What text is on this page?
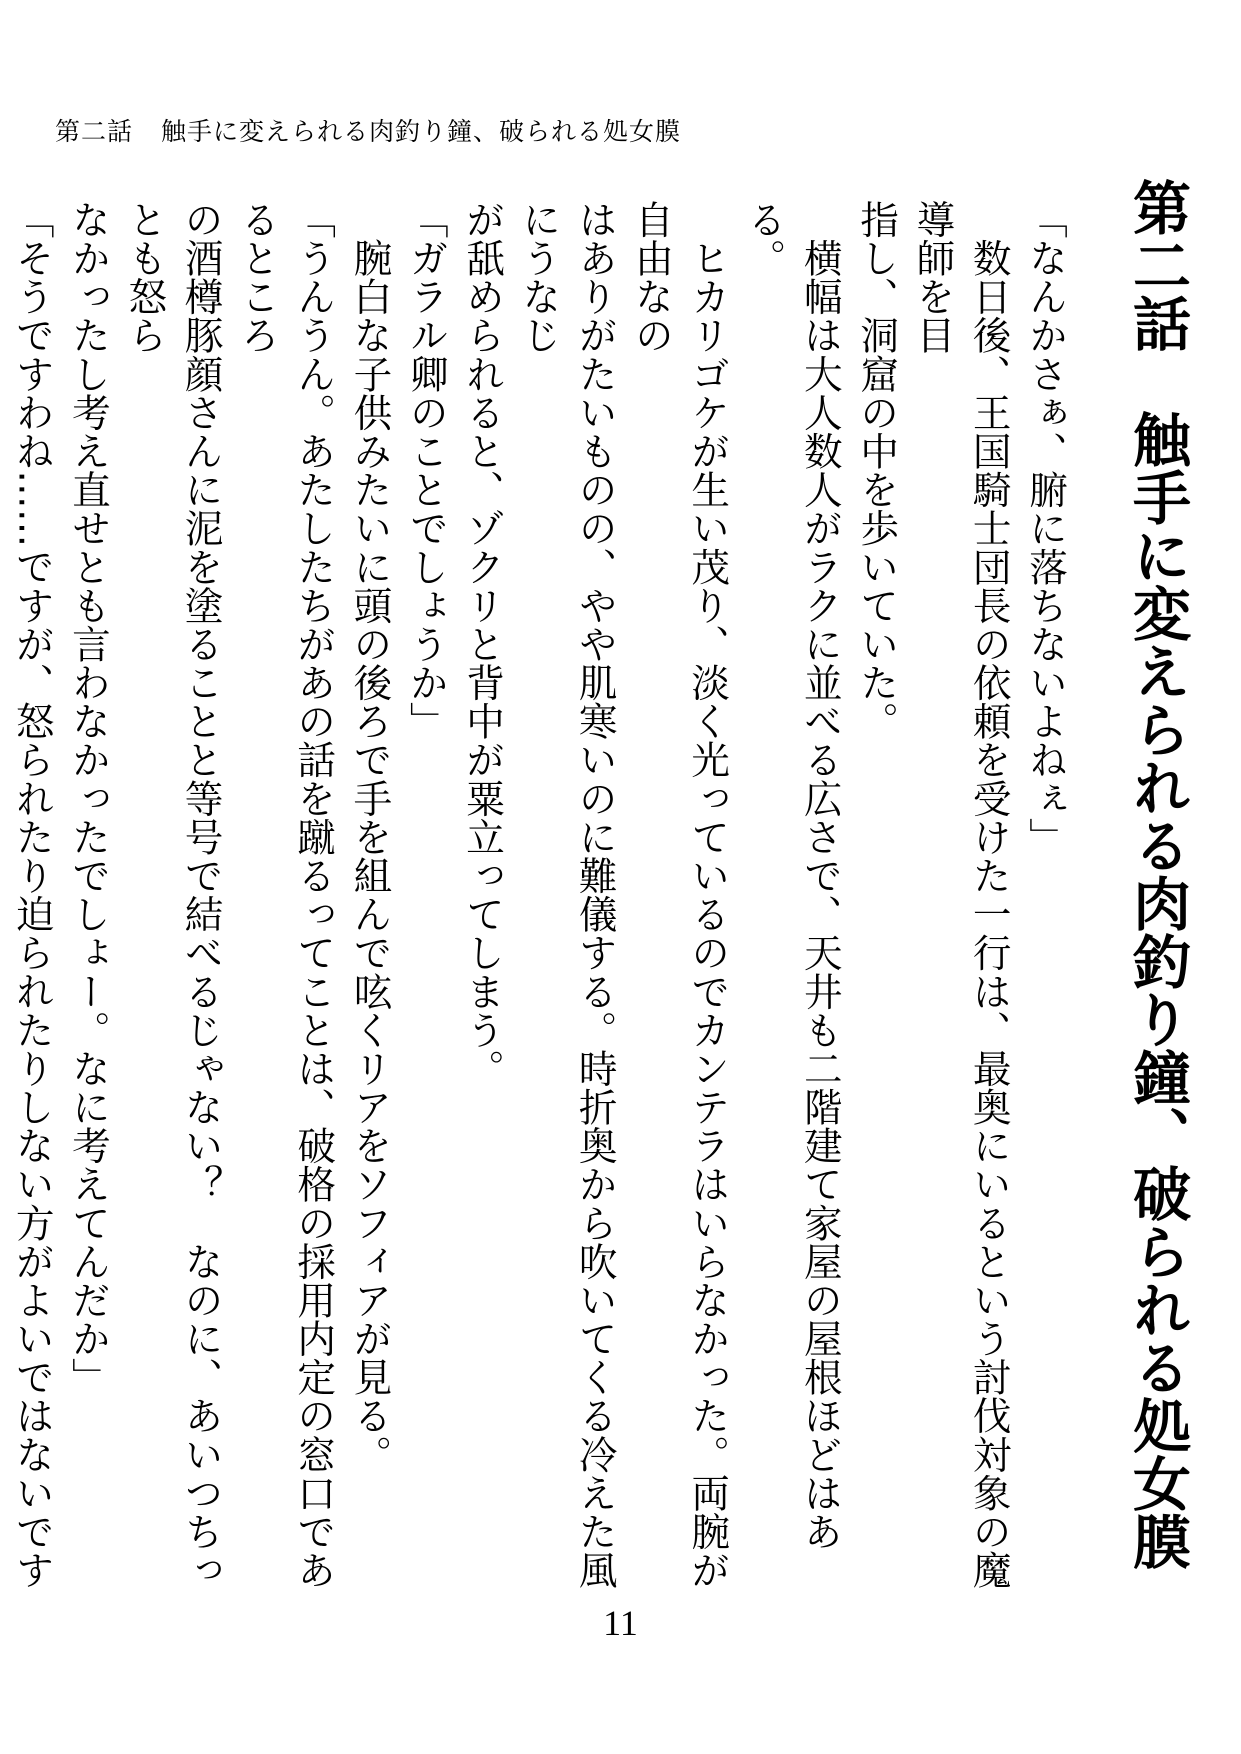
第二話 触手に変えられる肉釣り鐘、破られる処女膜
第二話触手に変えられる肉釣り鐘、破られる処女膜

「なんかさぁ、腑に落ちないよねぇ」

　数日後、王国騎士団長の依頼を受けた一行は、最奥にいるという討伐対象の魔導師を目
指し、洞窟の中を歩いていた。

　横幅は大人数人がラクに並べる広さで、天井も二階建て家屋の屋根ほどはある。

　ヒカリゴケが生い茂り、淡く光っているのでカンテラはいらなかった。両腕が自由なの
はありがたいものの、やや肌寒いのに難儀する。時折奥から吹いてくる冷えた風にうなじ
が舐められると、ゾクリと背中が粟立ってしまう。

「ガラル卿のことでしょうか」

　腕白な子供みたいに頭の後ろで手を組んで呟くリアをソフィアが見る。

「うんうん。あたしたちがあの話を蹴るってことは、破格の採用内定の窓口であるところ
の酒樽豚顔さんに泥を塗ることと等号で結べるじゃない？　なのに、あいつちっとも怒ら
なかったし考え直せとも言わなかったでしょー。なに考えてんだか」

「そうですわね……ですが、怒られたり迫られたりしない方がよいではないです

11
